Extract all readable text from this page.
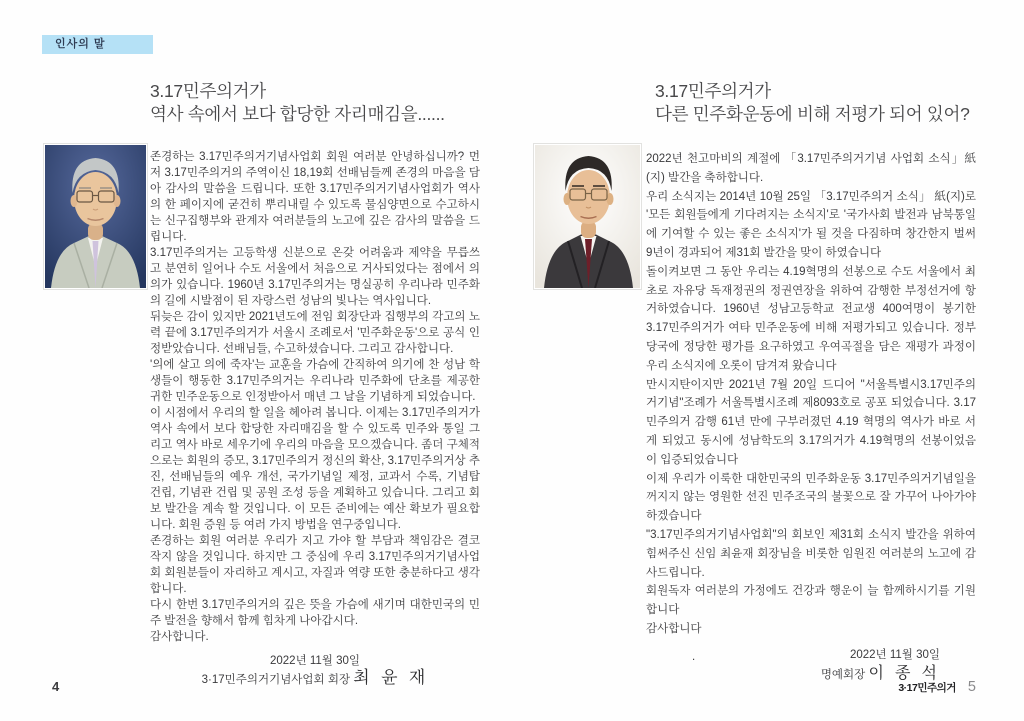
인사의 말
3.17민주의거가
역사 속에서 보다 합당한 자리매김을......

존경하는 3.17민주의거기념사업회 회원 여러분 안녕하십니까? 먼저 3.17민주의거의 주역이신 18,19회 선배님들께 존경의 마음을 담아 감사의 말씀을 드립니다. 또한 3.17민주의거기념사업회가 역사의 한 페이지에 굳건히 뿌리내릴 수 있도록 물심양면으로 수고하시는 신구집행부와 관계자 여러분들의 노고에 깊은 감사의 말씀을 드립니다.

3.17민주의거는 고등학생 신분으로 온갖 어려움과 제약을 무릅쓰고 분연히 일어나 수도 서울에서 처음으로 거사되었다는 점에서 의의가 있습니다. 1960년 3.17민주의거는 명실공히 우리나라 민주화의 길에 시발점이 된 자랑스런 성남의 빛나는 역사입니다.

뒤늦은 감이 있지만 2021년도에 전임 회장단과 집행부의 각고의 노력 끝에 3.17민주의거가 서울시 조례로서 '민주화운동'으로 공식 인정받았습니다. 선배님들, 수고하셨습니다. 그리고 감사합니다.

'의에 살고 의에 죽자'는 교훈을 가슴에 간직하여 의기에 찬 성남 학생들이 행동한 3.17민주의거는 우리나라 민주화에 단초를 제공한 귀한 민주운동으로 인정받아서 매년 그 날을 기념하게 되었습니다.

이 시점에서 우리의 할 일을 헤아려 봅니다. 이제는 3.17민주의거가 역사 속에서 보다 합당한 자리매김을 할 수 있도록 민주와 통일 그리고 역사 바로 세우기에 우리의 마음을 모으겠습니다. 좀더 구체적으로는 회원의 증모, 3.17민주의거 정신의 확산, 3.17민주의거상 추진, 선배님들의 예우 개선, 국가기념일 제정, 교과서 수록, 기념탑 건립, 기념관 건립 및 공원 조성 등을 계획하고 있습니다. 그리고 회보 발간을 계속 할 것입니다. 이 모든 준비에는 예산 확보가 필요합니다. 회원 증원 등 여러 가지 방법을 연구중입니다.

존경하는 회원 여러분 우리가 지고 가야 할 부담과 책임감은 결코 작지 않을 것입니다. 하지만 그 중심에 우리 3.17민주의거기념사업회 회원분들이 자리하고 계시고, 자질과 역량 또한 충분하다고 생각합니다.

다시 한번 3.17민주의거의 깊은 뜻을 가슴에 새기며 대한민국의 민주 발전을 향해서 함께 힘차게 나아갑시다.

감사합니다.

2022년 11월 30일
3·17민주의거기념사업회 회장 최 윤 재
3.17민주의거가
다른 민주화운동에 비해 저평가 되어 있어?

2022년 천고마비의 계절에 「3.17민주의거기념 사업회 소식」紙(지) 발간을 축하합니다.

우리 소식지는 2014년 10월 25일 「3.17민주의거 소식」 紙(지)로 '모든 회원들에게 기다려지는 소식지'로 '국가사회 발전과 남북통일에 기여할 수 있는 좋은 소식지'가 될 것을 다짐하며 창간한지 벌써 9년이 경과되어 제31회 발간을 맞이 하였습니다

돌이켜보면 그 동안 우리는 4.19혁명의 선봉으로 수도 서울에서 최초로 자유당 독재정권의 정권연장을 위하여 감행한 부정선거에 항거하였습니다. 1960년 성남고등학교 전교생 400여명이 봉기한 3.17민주의거가 여타 민주운동에 비해 저평가되고 있습니다. 정부당국에 정당한 평가를 요구하였고 우여곡절을 담은 재평가 과정이 우리 소식지에 오롯이 담겨져 왔습니다

만시지탄이지만 2021년 7월 20일 드디어 "서울특별시3.17민주의거기념"조례가 서울특별시조례 제8093호로 공포 되었습니다. 3.17민주의거 감행 61년 만에 구부러졌던 4.19 혁명의 역사가 바로 서게 되었고 동시에 성남학도의 3.17의거가 4.19혁명의 선봉이었음이 입증되었습니다

이제 우리가 이룩한 대한민국의 민주화운동 3.17민주의거기념일을 꺼지지 않는 영원한 선진 민주조국의 불꽃으로 잘 가꾸어 나아가야 하겠습니다

"3.17민주의거기념사업회"의 회보인 제31회 소식지 발간을 위하여 힘써주신 신임 최윤재 회장님을 비롯한 임원진 여러분의 노고에 감사드립니다.

회원독자 여러분의 가정에도 건강과 행운이 늘 함께하시기를 기원합니다

감사합니다

.	2022년 11월 30일
명예회장 이 종 석
4	3·17민주의거 5
